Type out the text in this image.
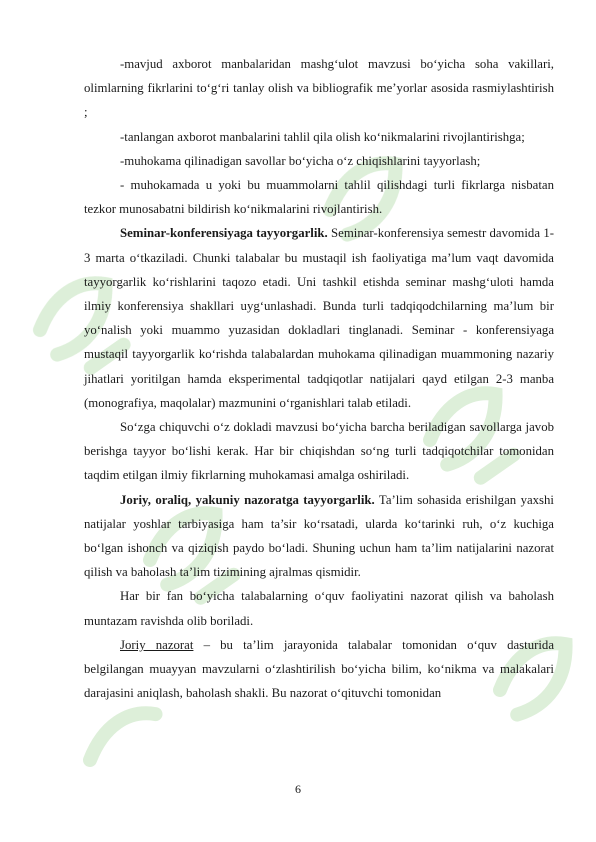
-mavjud axborot manbalaridan mashg‘ulot mavzusi bo‘yicha soha vakillari, olimlarning fikrlarini to‘g‘ri tanlay olish va bibliografik me’yorlar asosida rasmiylashtirish ;

-tanlangan axborot manbalarini tahlil qila olish ko‘nikmalarini rivojlantirishga;

-muhokama qilinadigan savollar bo‘yicha o‘z chiqishlarini tayyorlash;

- muhokamada u yoki bu muammolarni tahlil qilishdagi turli fikrlarga nisbatan tezkor munosabatni bildirish ko‘nikmalarini rivojlantirish.

Seminar-konferensiyaga tayyorgarlik. Seminar-konferensiya semestr davomida 1-3 marta o‘tkaziladi. Chunki talabalar bu mustaqil ish faoliyatiga ma’lum vaqt davomida tayyorgarlik ko‘rishlarini taqozo etadi. Uni tashkil etishda seminar mashg‘uloti hamda ilmiy konferensiya shakllari uyg‘unlashadi. Bunda turli tadqiqodchilarning ma’lum bir yo‘nalish yoki muammo yuzasidan dokladlari tinglanadi. Seminar - konferensiyaga mustaqil tayyorgarlik ko‘rishda talabalardan muhokama qilinadigan muammoning nazariy jihatlari yoritilgan hamda eksperimental tadqiqotlar natijalari qayd etilgan 2-3 manba (monografiya, maqolalar) mazmunini o‘rganishlari talab etiladi.

So‘zga chiquvchi o‘z dokladi mavzusi bo‘yicha barcha beriladigan savollarga javob berishga tayyor bo‘lishi kerak. Har bir chiqishdan so‘ng turli tadqiqotchilar tomonidan taqdim etilgan ilmiy fikrlarning muhokamasi amalga oshiriladi.

Joriy, oraliq, yakuniy nazoratga tayyorgarlik. Ta’lim sohasida erishilgan yaxshi natijalar yoshlar tarbiyasiga ham ta’sir ko‘rsatadi, ularda ko‘tarinki ruh, o‘z kuchiga bo‘lgan ishonch va qiziqish paydo bo‘ladi. Shuning uchun ham ta’lim natijalarini nazorat qilish va baholash ta’lim tizimining ajralmas qismidir.

Har bir fan bo‘yicha talabalarning o‘quv faoliyatini nazorat qilish va baholash muntazam ravishda olib boriladi.

Joriy nazorat – bu ta’lim jarayonida talabalar tomonidan o‘quv dasturida belgilangan muayyan mavzularni o‘zlashtirilish bo‘yicha bilim, ko‘nikma va malakalari darajasini aniqlash, baholash shakli. Bu nazorat o‘qituvchi tomonidan

6
